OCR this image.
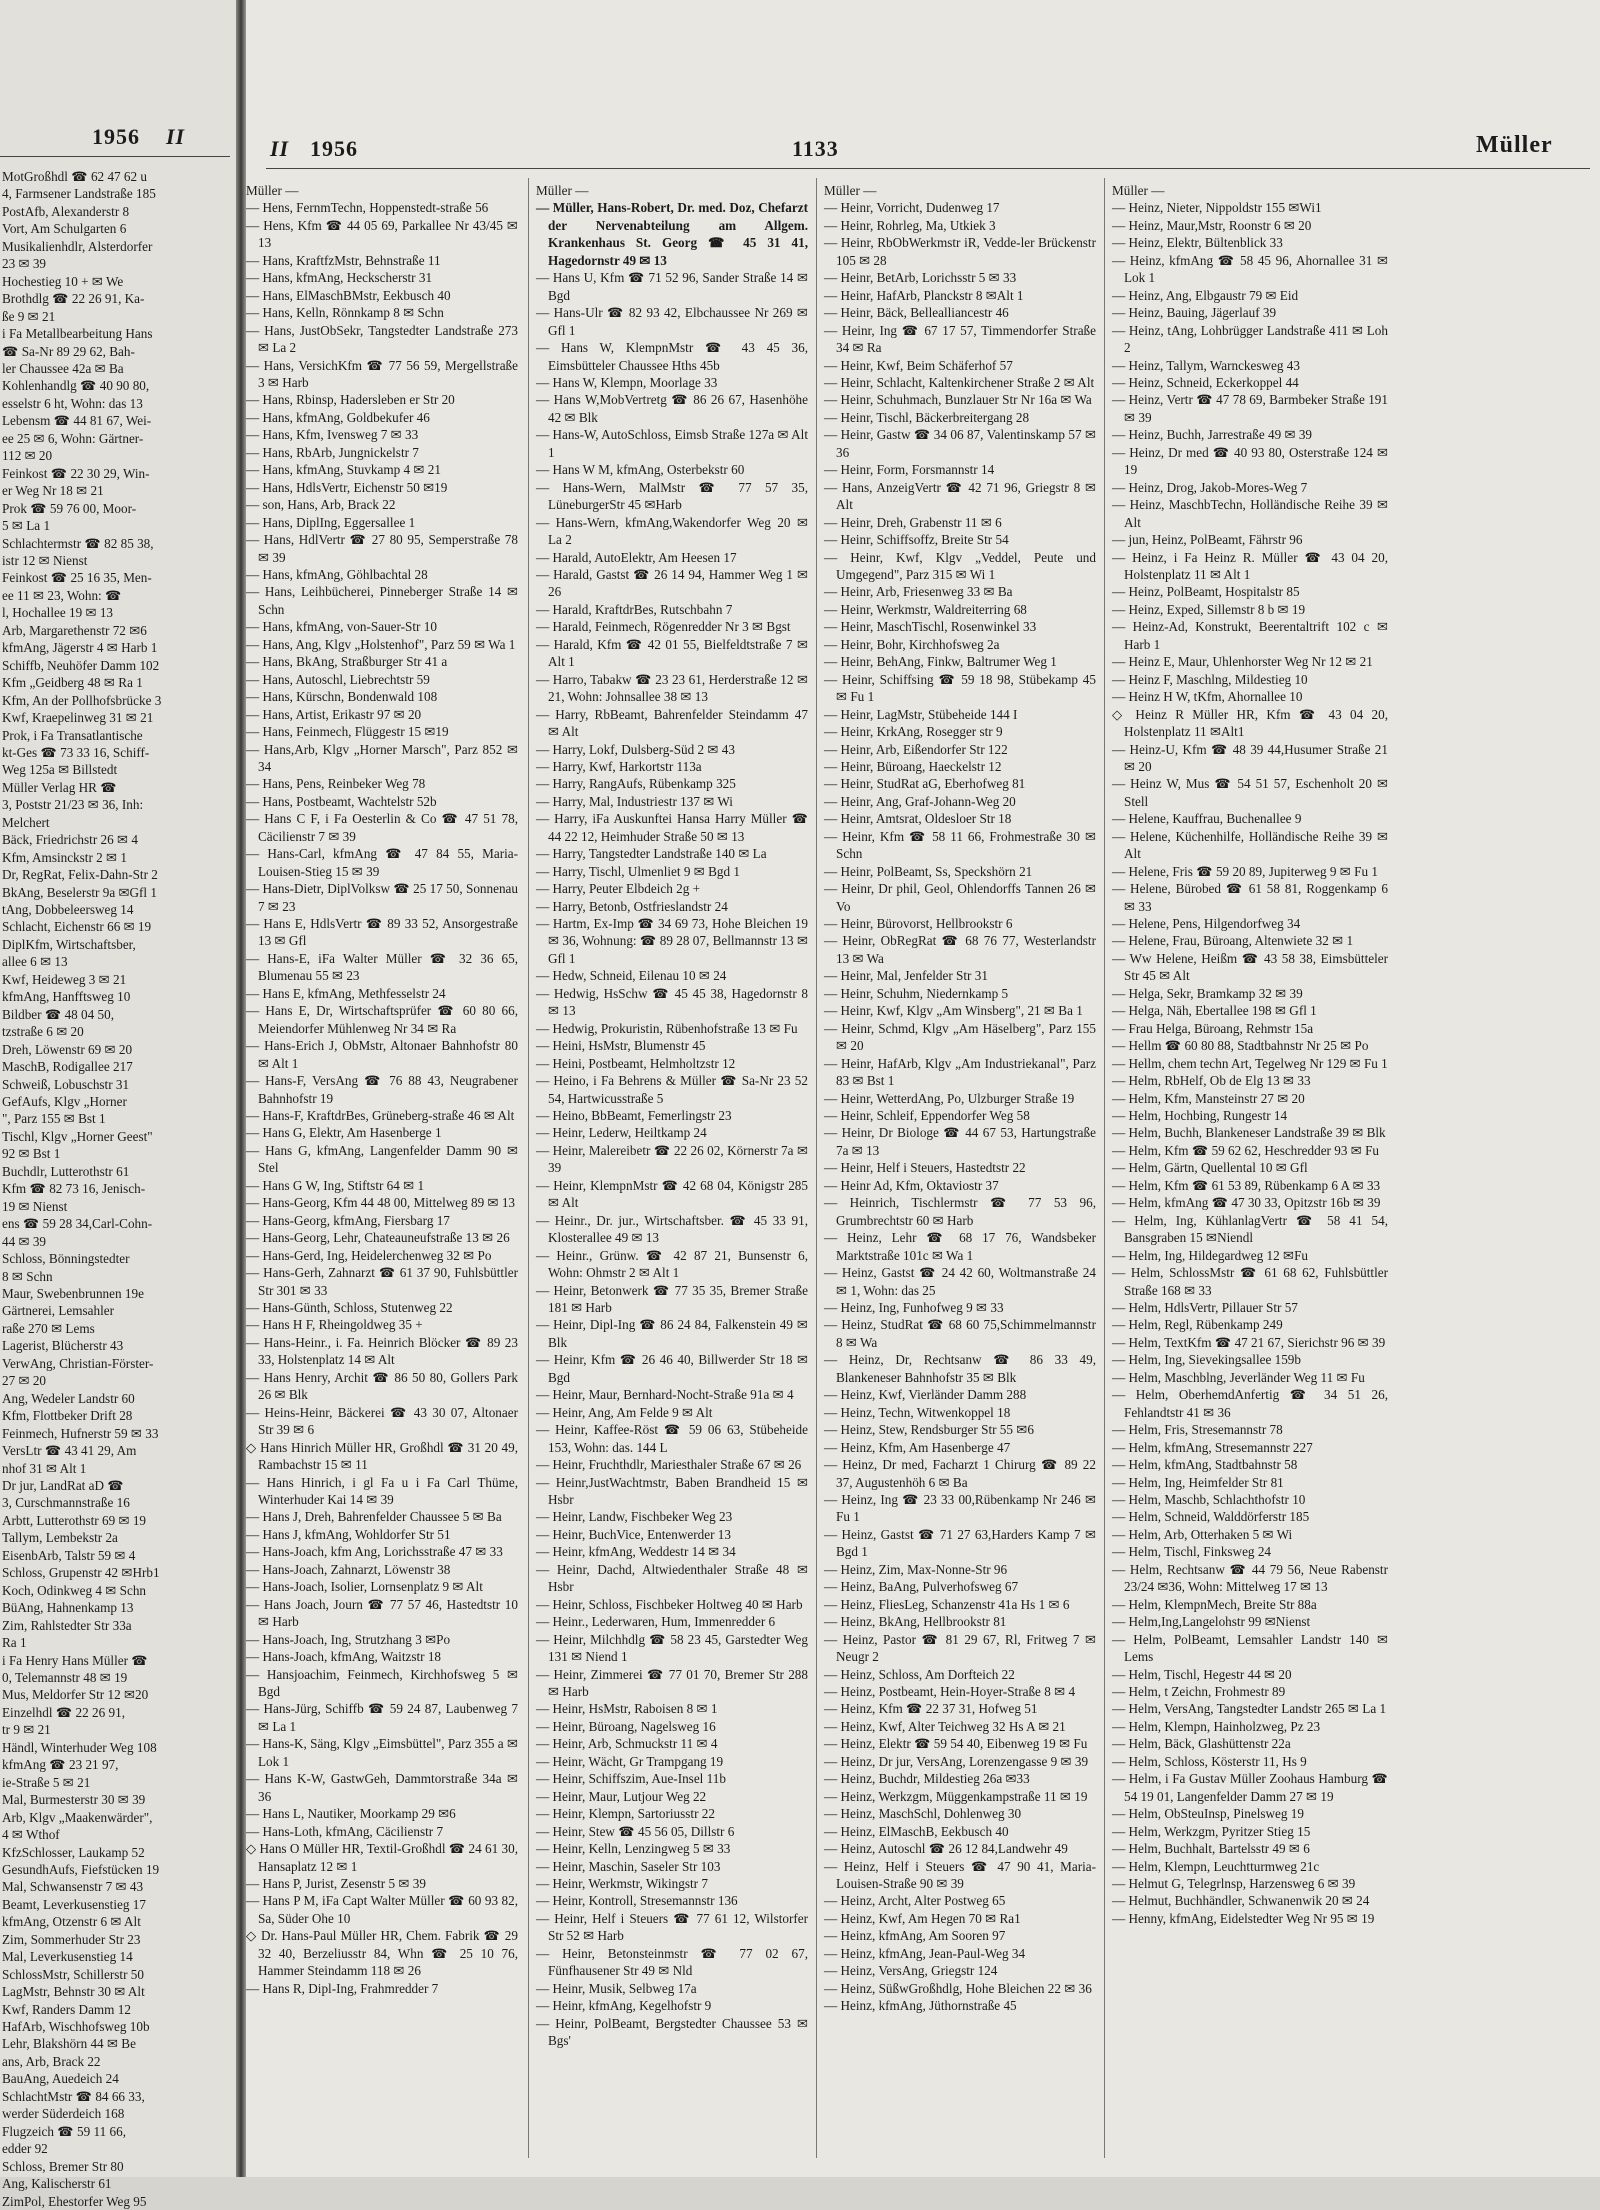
1956 II
MotGroßhdl ☎ 62 47 62 u
4, Farmsener Landstraße 185
PostAfb, Alexanderstr 8
Vort, Am Schulgarten 6
Musikalienhdlr, Alsterdorfer
23 ✉ 39
Hochestieg 10 + ✉ We
Brothdlg ☎ 22 26 91, Ka-
ße 9 ✉ 21
i Fa Metallbearbeitung Hans
☎ Sa-Nr 89 29 62, Bah-
ler Chaussee 42a ✉ Ba
Kohlenhandlg ☎ 40 90 80,
esselstr 6 ht, Wohn: das 13
Lebensm ☎ 44 81 67, Wei-
ee 25 ✉ 6, Wohn: Gärtner-
112 ✉ 20
Feinkost ☎ 22 30 29, Win-
er Weg Nr 18 ✉ 21
Prok ☎ 59 76 00, Moor-
5 ✉ La 1
Schlachtermstr ☎ 82 85 38,
istr 12 ✉ Nienst
Feinkost ☎ 25 16 35, Men-
ee 11 ✉ 23, Wohn: ☎
l, Hochallee 19 ✉ 13
Arb, Margarethenstr 72 ✉6
kfmAng, Jägerstr 4 ✉ Harb 1
Schiffb, Neuhöfer Damm 102
Kfm „Geidberg 48 ✉ Ra 1
Kfm, An der Pollhofsbrücke 3
Kwf, Kraepelinweg 31 ✉ 21
Prok, i Fa Transatlantische
kt-Ges ☎ 73 33 16, Schiff-
Weg 125a ✉ Billstedt
Müller Verlag HR ☎
3, Poststr 21/23 ✉ 36, Inh:
Melchert
Bäck, Friedrichstr 26 ✉ 4
Kfm, Amsinckstr 2 ✉ 1
Dr, RegRat, Felix-Dahn-Str 2
BkAng, Beselerstr 9a ✉Gfl 1
tAng, Dobbeleersweg 14
Schlacht, Eichenstr 66 ✉ 19
DiplKfm, Wirtschaftsber,
allee 6 ✉ 13
Kwf, Heideweg 3 ✉ 21
kfmAng, Hanfftsweg 10
Bildber ☎ 48 04 50,
tzstraße 6 ✉ 20
Dreh, Löwenstr 69 ✉ 20
MaschB, Rodigallee 217
Schweiß, Lobuschstr 31
GefAufs, Klgv „Horner
", Parz 155 ✉ Bst 1
Tischl, Klgv „Horner Geest"
92 ✉ Bst 1
Buchdlr, Lutterothstr 61
Kfm ☎ 82 73 16, Jenisch-
19 ✉ Nienst
ens ☎ 59 28 34,Carl-Cohn-
44 ✉ 39
Schloss, Bönningstedter
8 ✉ Schn
Maur, Swebenbrunnen 19e
Gärtnerei, Lemsahler
raße 270 ✉ Lems
Lagerist, Blücherstr 43
VerwAng, Christian-Förster-
27 ✉ 20
Ang, Wedeler Landstr 60
Kfm, Flottbeker Drift 28
Feinmech, Hufnerstr 59 ✉ 33
VersLtr ☎ 43 41 29, Am
nhof 31 ✉ Alt 1
Dr jur, LandRat aD ☎
3, Curschmannstraße 16
Arbtt, Lutterothstr 69 ✉ 19
Tallym, Lembekstr 2a
EisenbArb, Talstr 59 ✉ 4
Schloss, Grupenstr 42 ✉Hrb1
Koch, Odinkweg 4 ✉ Schn
BüAng, Hahnenkamp 13
Zim, Rahlstedter Str 33a
Ra 1
i Fa Henry Hans Müller ☎
0, Telemannstr 48 ✉ 19
Mus, Meldorfer Str 12 ✉20
Einzelhdl ☎ 22 26 91,
tr 9 ✉ 21
Händl, Winterhuder Weg 108
kfmAng ☎ 23 21 97,
ie-Straße 5 ✉ 21
Mal, Burmesterstr 30 ✉ 39
Arb, Klgv „Maakenwärder",
4 ✉ Wthof
KfzSchlosser, Laukamp 52
GesundhAufs, Fiefstücken 19
Mal, Schwansenstr 7 ✉ 43
Beamt, Leverkusenstieg 17
kfmAng, Otzenstr 6 ✉ Alt
Zim, Sommerhuder Str 23
Mal, Leverkusenstieg 14
SchlossMstr, Schillerstr 50
LagMstr, Behnstr 30 ✉ Alt
Kwf, Randers Damm 12
HafArb, Wischhofsweg 10b
Lehr, Blakshörn 44 ✉ Be
ans, Arb, Brack 22
BauAng, Auedeich 24
SchlachtMstr ☎ 84 66 33,
werder Süderdeich 168
Flugzeich ☎ 59 11 66,
edder 92
Schloss, Bremer Str 80
Ang, Kalischerstr 61
ZimPol, Ehestorfer Weg 95
II 1956	1133	Müller
Müller —
— Hens, FernmTechn, Hoppenstedt-straße 56
— Hens, Kfm ☎ 44 05 69, Parkallee Nr 43/45 ✉ 13
— Hans, KraftfzMstr, Behnstraße 11
— Hans, kfmAng, Heckscherstr 31
— Hans, ElMaschBMstr, Eekbusch 40
— Hans, Kelln, Rönnkamp 8 ✉ Schn
— Hans, JustObSekr, Tangstedter Landstraße 273 ✉ La 2
— Hans, VersichKfm ☎ 77 56 59, Mergellstraße 3 ✉ Harb
— Hans, Rbinsp, Hadersleben er Str 20
— Hans, kfmAng, Goldbekufer 46
— Hans, Kfm, Ivensweg 7 ✉ 33
— Hans, RbArb, Jungnickelstr 7
— Hans, kfmAng, Stuvkamp 4 ✉ 21
— Hans, HdlsVertr, Eichenstr 50 ✉19
— son, Hans, Arb, Brack 22
— Hans, DiplIng, Eggersallee 1
— Hans, HdlVertr ☎ 27 80 95, Semperstraße 78 ✉ 39
— Hans, kfmAng, Göhlbachtal 28
— Hans, Leihbücherei, Pinneberger Straße 14 ✉ Schn
— Hans, kfmAng, von-Sauer-Str 10
— Hans, Ang, Klgv „Holstenhof", Parz 59 ✉ Wa 1
— Hans, BkAng, Straßburger Str 41 a
— Hans, Autoschl, Liebrechtstr 59
— Hans, Kürschn, Bondenwald 108
— Hans, Artist, Erikastr 97 ✉ 20
— Hans, Feinmech, Flüggestr 15 ✉19
— Hans,Arb, Klgv „Horner Marsch", Parz 852 ✉ 34
— Hans, Pens, Reinbeker Weg 78
— Hans, Postbeamt, Wachtelstr 52b
— Hans C F, i Fa Oesterlin & Co ☎ 47 51 78, Cäcilienstr 7 ✉ 39
— Hans-Carl, kfmAng ☎ 47 84 55, Maria-Louisen-Stieg 15 ✉ 39
— Hans-Dietr, DiplVolksw ☎ 25 17 50, Sonnenau 7 ✉ 23
— Hans E, HdlsVertr ☎ 89 33 52, Ansorgestraße 13 ✉ Gfl
— Hans-E, iFa Walter Müller ☎ 32 36 65, Blumenau 55 ✉ 23
— Hans E, kfmAng, Methfesselstr 24
— Hans E, Dr, Wirtschaftsprüfer ☎ 60 80 66, Meiendorfer Mühlenweg Nr 34 ✉ Ra
— Hans-Erich J, ObMstr, Altonaer Bahnhofstr 80 ✉ Alt 1
— Hans-F, VersAng ☎ 76 88 43, Neugrabener Bahnhofstr 19
— Hans-F, KraftdrBes, Grüneberg-straße 46 ✉ Alt
— Hans G, Elektr, Am Hasenberge 1
— Hans G, kfmAng, Langenfelder Damm 90 ✉ Stel
— Hans G W, Ing, Stiftstr 64 ✉ 1
— Hans-Georg, Kfm 44 48 00, Mittelweg 89 ✉ 13
— Hans-Georg, kfmAng, Fiersbarg 17
— Hans-Georg, Lehr, Chateauneufstraße 13 ✉ 26
— Hans-Gerd, Ing, Heidelerchenweg 32 ✉ Po
— Hans-Gerh, Zahnarzt ☎ 61 37 90, Fuhlsbüttler Str 301 ✉ 33
— Hans-Günth, Schloss, Stutenweg 22
— Hans H F, Rheingoldweg 35 +
— Hans-Heinr., i. Fa. Heinrich Blöcker ☎ 89 23 33, Holstenplatz 14 ✉ Alt
— Hans Henry, Archit ☎ 86 50 80, Gollers Park 26 ✉ Blk
— Heins-Heinr, Bäckerei ☎ 43 30 07, Altonaer Str 39 ✉ 6
◇ Hans Hinrich Müller HR, Großhdl ☎ 31 20 49, Rambachstr 15 ✉ 11
— Hans Hinrich, i gl Fa u i Fa Carl Thüme, Winterhuder Kai 14 ✉ 39
— Hans J, Dreh, Bahrenfelder Chaussee 5 ✉ Ba
— Hans J, kfmAng, Wohldorfer Str 51
— Hans-Joach, kfm Ang, Lorichsstraße 47 ✉ 33
— Hans-Joach, Zahnarzt, Löwenstr 38
— Hans-Joach, Isolier, Lornsenplatz 9 ✉ Alt
— Hans Joach, Journ ☎ 77 57 46, Hastedtstr 10 ✉ Harb
— Hans-Joach, Ing, Strutzhang 3 ✉Po
— Hans-Joach, kfmAng, Waitzstr 18
— Hansjoachim, Feinmech, Kirchhofsweg 5 ✉ Bgd
— Hans-Jürg, Schiffb ☎ 59 24 87, Laubenweg 7 ✉ La 1
— Hans-K, Säng, Klgv „Eimsbüttel", Parz 355 a ✉ Lok 1
— Hans K-W, GastwGeh, Dammtorstraße 34a ✉ 36
— Hans L, Nautiker, Moorkamp 29 ✉6
— Hans-Loth, kfmAng, Cäcilienstr 7
◇ Hans O Müller HR, Textil-Großhdl ☎ 24 61 30, Hansaplatz 12 ✉ 1
— Hans P, Jurist, Zesenstr 5 ✉ 39
— Hans P M, iFa Capt Walter Müller ☎ 60 93 82, Sa, Süder Ohe 10
◇ Dr. Hans-Paul Müller HR, Chem. Fabrik ☎ 29 32 40, Berzeliusstr 84, Whn ☎ 25 10 76, Hammer Steindamm 118 ✉ 26
— Hans R, Dipl-Ing, Frahmredder 7
Müller —
— Müller, Hans-Robert, Dr. med. Doz, Chefarzt der Nervenabteilung am Allgem. Krankenhaus St. Georg ☎ 45 31 41, Hagedornstr 49 ✉ 13
— Hans U, Kfm ☎ 71 52 96, Sander Straße 14 ✉ Bgd
— Hans-Ulr ☎ 82 93 42, Elbchaussee Nr 269 ✉ Gfl 1
— Hans W, KlempnMstr ☎ 43 45 36, Eimsbütteler Chaussee Hths 45b
— Hans W, Klempn, Moorlage 33
— Hans W,MobVertretg ☎ 86 26 67, Hasenhöhe 42 ✉ Blk
— Hans-W, AutoSchloss, Eimsb Straße 127a ✉ Alt 1
— Hans W M, kfmAng, Osterbekstr 60
— Hans-Wern, MalMstr ☎ 77 57 35, LüneburgerStr 45 ✉Harb
— Hans-Wern, kfmAng,Wakendorfer Weg 20 ✉ La 2
— Harald, AutoElektr, Am Heesen 17
— Harald, Gastst ☎ 26 14 94, Hammer Weg 1 ✉ 26
— Harald, KraftdrBes, Rutschbahn 7
— Harald, Feinmech, Rögenredder Nr 3 ✉ Bgst
— Harald, Kfm ☎ 42 01 55, Bielfeldtstraße 7 ✉ Alt 1
— Harro, Tabakw ☎ 23 23 61, Herderstraße 12 ✉ 21, Wohn: Johnsallee 38 ✉ 13
— Harry, RbBeamt, Bahrenfelder Steindamm 47 ✉ Alt
— Harry, Lokf, Dulsberg-Süd 2 ✉ 43
— Harry, Kwf, Harkortstr 113a
— Harry, RangAufs, Rübenkamp 325
— Harry, Mal, Industriestr 137 ✉ Wi
— Harry, iFa Auskunftei Hansa Harry Müller ☎ 44 22 12, Heimhuder Straße 50 ✉ 13
— Harry, Tangstedter Landstraße 140 ✉ La
— Harry, Tischl, Ulmenliet 9 ✉ Bgd 1
— Harry, Peuter Elbdeich 2g +
— Harry, Betonb, Ostfrieslandstr 24
— Hartm, Ex-Imp ☎ 34 69 73, Hohe Bleichen 19 ✉ 36, Wohnung: ☎ 89 28 07, Bellmannstr 13 ✉ Gfl 1
— Hedw, Schneid, Eilenau 10 ✉ 24
— Hedwig, HsSchw ☎ 45 45 38, Hagedornstr 8 ✉ 13
— Hedwig, Prokuristin, Rübenhofstraße 13 ✉ Fu
— Heini, HsMstr, Blumenstr 45
— Heini, Postbeamt, Helmholtzstr 12
— Heino, i Fa Behrens & Müller ☎ Sa-Nr 23 52 54, Hartwicusstraße 5
— Heino, BbBeamt, Femerlingstr 23
— Heinr, Lederw, Heiltkamp 24
— Heinr, Malereibetr ☎ 22 26 02, Körnerstr 7a ✉ 39
— Heinr, KlempnMstr ☎ 42 68 04, Königstr 285 ✉ Alt
— Heinr., Dr. jur., Wirtschaftsber. ☎ 45 33 91, Klosterallee 49 ✉ 13
— Heinr., Grünw. ☎ 42 87 21, Bunsenstr 6, Wohn: Ohmstr 2 ✉ Alt 1
— Heinr, Betonwerk ☎ 77 35 35, Bremer Straße 181 ✉ Harb
— Heinr, Dipl-Ing ☎ 86 24 84, Falkenstein 49 ✉ Blk
— Heinr, Kfm ☎ 26 46 40, Billwerder Str 18 ✉ Bgd
— Heinr, Maur, Bernhard-Nocht-Straße 91a ✉ 4
— Heinr, Ang, Am Felde 9 ✉ Alt
— Heinr, Kaffee-Röst ☎ 59 06 63, Stübeheide 153, Wohn: das. 144 L
— Heinr, Fruchthdlr, Mariesthaler Straße 67 ✉ 26
— Heinr,JustWachtmstr, Baben Brandheid 15 ✉ Hsbr
— Heinr, Landw, Fischbeker Weg 23
— Heinr, BuchVice, Entenwerder 13
— Heinr, kfmAng, Weddestr 14 ✉ 34
— Heinr, Dachd, Altwiedenthaler Straße 48 ✉ Hsbr
— Heinr, Schloss, Fischbeker Holtweg 40 ✉ Harb
— Heinr., Lederwaren, Hum, Immenredder 6
— Heinr, Milchhdlg ☎ 58 23 45, Garstedter Weg 131 ✉ Niend 1
— Heinr, Zimmerei ☎ 77 01 70, Bremer Str 288 ✉ Harb
— Heinr, HsMstr, Raboisen 8 ✉ 1
— Heinr, Büroang, Nagelsweg 16
— Heinr, Arb, Schmuckstr 11 ✉ 4
— Heinr, Wächt, Gr Trampgang 19
— Heinr, Schiffszim, Aue-Insel 11b
— Heinr, Maur, Lutjour Weg 22
— Heinr, Klempn, Sartoriusstr 22
— Heinr, Stew ☎ 45 56 05, Dillstr 6
— Heinr, Kelln, Lenzingweg 5 ✉ 33
— Heinr, Maschin, Saseler Str 103
— Heinr, Werkmstr, Wikingstr 7
— Heinr, Kontroll, Stresemannstr 136
— Heinr, Helf i Steuers ☎ 77 61 12, Wilstorfer Str 52 ✉ Harb
— Heinr, Betonsteinmstr ☎ 77 02 67, Fünfhausener Str 49 ✉ Nld
— Heinr, Musik, Selbweg 17a
— Heinr, kfmAng, Kegelhofstr 9
— Heinr, PolBeamt, Bergstedter Chaussee 53 ✉ Bgs'
Müller —
— Heinr, Vorricht, Dudenweg 17
— Heinr, Rohrleg, Ma, Utkiek 3
— Heinr, RbObWerkmstr iR, Vedde-ler Brückenstr 105 ✉ 28
— Heinr, BetArb, Lorichsstr 5 ✉ 33
— Heinr, HafArb, Planckstr 8 ✉Alt 1
— Heinr, Bäck, Bellealliancestr 46
— Heinr, Ing ☎ 67 17 57, Timmendorfer Straße 34 ✉ Ra
— Heinr, Kwf, Beim Schäferhof 57
— Heinr, Schlacht, Kaltenkirchener Straße 2 ✉ Alt
— Heinr, Schuhmach, Bunzlauer Str Nr 16a ✉ Wa
— Heinr, Tischl, Bäckerbreitergang 28
— Heinr, Gastw ☎ 34 06 87, Valentinskamp 57 ✉ 36
— Heinr, Form, Forsmannstr 14
— Hans, AnzeigVertr ☎ 42 71 96, Griegstr 8 ✉ Alt
— Heinr, Dreh, Grabenstr 11 ✉ 6
— Heinr, Schiffsoffz, Breite Str 54
— Heinr, Kwf, Klgv „Veddel, Peute und Umgegend", Parz 315 ✉ Wi 1
— Heinr, Arb, Friesenweg 33 ✉ Ba
— Heinr, Werkmstr, Waldreiterring 68
— Heinr, MaschTischl, Rosenwinkel 33
— Heinr, Bohr, Kirchhofsweg 2a
— Heinr, BehAng, Finkw, Baltrumer Weg 1
— Heinr, Schiffsing ☎ 59 18 98, Stübekamp 45 ✉ Fu 1
— Heinr, LagMstr, Stübeheide 144 I
— Heinr, KrkAng, Rosegger str 9
— Heinr, Arb, Eißendorfer Str 122
— Heinr, Büroang, Haeckelstr 12
— Heinr, StudRat aG, Eberhofweg 81
— Heinr, Ang, Graf-Johann-Weg 20
— Heinr, Amtsrat, Oldesloer Str 18
— Heinr, Kfm ☎ 58 11 66, Frohmestraße 30 ✉ Schn
— Heinr, PolBeamt, Ss, Speckshörn 21
— Heinr, Dr phil, Geol, Ohlendorffs Tannen 26 ✉ Vo
— Heinr, Bürovorst, Hellbrookstr 6
— Heinr, ObRegRat ☎ 68 76 77, Westerlandstr 13 ✉ Wa
— Heinr, Mal, Jenfelder Str 31
— Heinr, Schuhm, Niedernkamp 5
— Heinr, Kwf, Klgv „Am Winsberg", 21 ✉ Ba 1
— Heinr, Schmd, Klgv „Am Häselberg", Parz 155 ✉ 20
— Heinr, HafArb, Klgv „Am Industriekanal", Parz 83 ✉ Bst 1
— Heinr, WetterdAng, Po, Ulzburger Straße 19
— Heinr, Schleif, Eppendorfer Weg 58
— Heinr, Dr Biologe ☎ 44 67 53, Hartungstraße 7a ✉ 13
— Heinr, Helf i Steuers, Hastedtstr 22
— Heinr Ad, Kfm, Oktaviostr 37
— Heinrich, Tischlermstr ☎ 77 53 96, Grumbrechtstr 60 ✉ Harb
— Heinz, Lehr ☎ 68 17 76, Wandsbeker Marktstraße 101c ✉ Wa 1
— Heinz, Gastst ☎ 24 42 60, Woltmanstraße 24 ✉ 1, Wohn: das 25
— Heinz, Ing, Funhofweg 9 ✉ 33
— Heinz, StudRat ☎ 68 60 75,Schimmelmannstr 8 ✉ Wa
— Heinz, Dr, Rechtsanw ☎ 86 33 49, Blankeneser Bahnhofstr 35 ✉ Blk
— Heinz, Kwf, Vierländer Damm 288
— Heinz, Techn, Witwenkoppel 18
— Heinz, Stew, Rendsburger Str 55 ✉6
— Heinz, Kfm, Am Hasenberge 47
— Heinz, Dr med, Facharzt 1 Chirurg ☎ 89 22 37, Augustenhöh 6 ✉ Ba
— Heinz, Ing ☎ 23 33 00,Rübenkamp Nr 246 ✉ Fu 1
— Heinz, Gastst ☎ 71 27 63,Harders Kamp 7 ✉ Bgd 1
— Heinz, Zim, Max-Nonne-Str 96
— Heinz, BaAng, Pulverhofsweg 67
— Heinz, FliesLeg, Schanzenstr 41a Hs 1 ✉ 6
— Heinz, BkAng, Hellbrookstr 81
— Heinz, Pastor ☎ 81 29 67, Rl, Fritweg 7 ✉ Neugr 2
— Heinz, Schloss, Am Dorfteich 22
— Heinz, Postbeamt, Hein-Hoyer-Straße 8 ✉ 4
— Heinz, Kfm ☎ 22 37 31, Hofweg 51
— Heinz, Kwf, Alter Teichweg 32 Hs A ✉ 21
— Heinz, Elektr ☎ 59 54 40, Eibenweg 19 ✉ Fu
— Heinz, Dr jur, VersAng, Lorenzengasse 9 ✉ 39
— Heinz, Buchdr, Mildestieg 26a ✉33
— Heinz, Werkzgm, Müggenkampstraße 11 ✉ 19
— Heinz, MaschSchl, Dohlenweg 30
— Heinz, ElMaschB, Eekbusch 40
— Heinz, Autoschl ☎ 26 12 84,Landwehr 49
— Heinz, Helf i Steuers ☎ 47 90 41, Maria-Louisen-Straße 90 ✉ 39
— Heinz, Archt, Alter Postweg 65
— Heinz, Kwf, Am Hegen 70 ✉ Ra1
— Heinz, kfmAng, Am Sooren 97
— Heinz, kfmAng, Jean-Paul-Weg 34
— Heinz, VersAng, Griegstr 124
— Heinz, SüßwGroßhdlg, Hohe Bleichen 22 ✉ 36
— Heinz, kfmAng, Jüthornstraße 45
Müller —
— Heinz, Nieter, Nippoldstr 155 ✉Wi1
— Heinz, Maur,Mstr, Roonstr 6 ✉ 20
— Heinz, Elektr, Bültenblick 33
— Heinz, kfmAng ☎ 58 45 96, Ahornallee 31 ✉ Lok 1
— Heinz, Ang, Elbgaustr 79 ✉ Eid
— Heinz, Bauing, Jägerlauf 39
— Heinz, tAng, Lohbrügger Landstraße 411 ✉ Loh 2
— Heinz, Tallym, Warnckesweg 43
— Heinz, Schneid, Eckerkoppel 44
— Heinz, Vertr ☎ 47 78 69, Barmbeker Straße 191 ✉ 39
— Heinz, Buchh, Jarrestraße 49 ✉ 39
— Heinz, Dr med ☎ 40 93 80, Osterstraße 124 ✉ 19
— Heinz, Drog, Jakob-Mores-Weg 7
— Heinz, MaschbTechn, Holländische Reihe 39 ✉ Alt
— jun, Heinz, PolBeamt, Fährstr 96
— Heinz, i Fa Heinz R. Müller ☎ 43 04 20, Holstenplatz 11 ✉ Alt 1
— Heinz, PolBeamt, Hospitalstr 85
— Heinz, Exped, Sillemstr 8 b ✉ 19
— Heinz-Ad, Konstrukt, Beerentaltrift 102 c ✉ Harb 1
— Heinz E, Maur, Uhlenhorster Weg Nr 12 ✉ 21
— Heinz F, Maschlng, Mildestieg 10
— Heinz H W, tKfm, Ahornallee 10
◇ Heinz R Müller HR, Kfm ☎ 43 04 20, Holstenplatz 11 ✉Alt1
— Heinz-U, Kfm ☎ 48 39 44,Husumer Straße 21 ✉ 20
— Heinz W, Mus ☎ 54 51 57, Eschenholt 20 ✉ Stell
— Helene, Kauffrau, Buchenallee 9
— Helene, Küchenhilfe, Holländische Reihe 39 ✉ Alt
— Helene, Fris ☎ 59 20 89, Jupiterweg 9 ✉ Fu 1
— Helene, Bürobed ☎ 61 58 81, Roggenkamp 6 ✉ 33
— Helene, Pens, Hilgendorfweg 34
— Helene, Frau, Büroang, Altenwiete 32 ✉ 1
— Ww Helene, Heißm ☎ 43 58 38, Eimsbütteler Str 45 ✉ Alt
— Helga, Sekr, Bramkamp 32 ✉ 39
— Helga, Näh, Ebertallee 198 ✉ Gfl 1
— Frau Helga, Büroang, Rehmstr 15a
— Hellm ☎ 60 80 88, Stadtbahnstr Nr 25 ✉ Po
— Hellm, chem techn Art, Tegelweg Nr 129 ✉ Fu 1
— Helm, RbHelf, Ob de Elg 13 ✉ 33
— Helm, Kfm, Mansteinstr 27 ✉ 20
— Helm, Hochbing, Rungestr 14
— Helm, Buchh, Blankeneser Landstraße 39 ✉ Blk
— Helm, Kfm ☎ 59 62 62, Heschredder 93 ✉ Fu
— Helm, Gärtn, Quellental 10 ✉ Gfl
— Helm, Kfm ☎ 61 53 89, Rübenkamp 6 A ✉ 33
— Helm, kfmAng ☎ 47 30 33, Opitzstr 16b ✉ 39
— Helm, Ing, KühlanlagVertr ☎ 58 41 54, Bansgraben 15 ✉Niendl
— Helm, Ing, Hildegardweg 12 ✉Fu
— Helm, SchlossMstr ☎ 61 68 62, Fuhlsbüttler Straße 168 ✉ 33
— Helm, HdlsVertr, Pillauer Str 57
— Helm, Regl, Rübenkamp 249
— Helm, TextKfm ☎ 47 21 67, Sierichstr 96 ✉ 39
— Helm, Ing, Sievekingsallee 159b
— Helm, Maschblng, Jeverländer Weg 11 ✉ Fu
— Helm, OberhemdAnfertig ☎ 34 51 26, Fehlandtstr 41 ✉ 36
— Helm, Fris, Stresemannstr 78
— Helm, kfmAng, Stresemannstr 227
— Helm, kfmAng, Stadtbahnstr 58
— Helm, Ing, Heimfelder Str 81
— Helm, Maschb, Schlachthofstr 10
— Helm, Schneid, Walddörferstr 185
— Helm, Arb, Otterhaken 5 ✉ Wi
— Helm, Tischl, Finksweg 24
— Helm, Rechtsanw ☎ 44 79 56, Neue Rabenstr 23/24 ✉36, Wohn: Mittelweg 17 ✉ 13
— Helm, KlempnMech, Breite Str 88a
— Helm,Ing,Langelohstr 99 ✉Nienst
— Helm, PolBeamt, Lemsahler Landstr 140 ✉ Lems
— Helm, Tischl, Hegestr 44 ✉ 20
— Helm, t Zeichn, Frohmestr 89
— Helm, VersAng, Tangstedter Landstr 265 ✉ La 1
— Helm, Klempn, Hainholzweg, Pz 23
— Helm, Bäck, Glashüttenstr 22a
— Helm, Schloss, Kösterstr 11, Hs 9
— Helm, i Fa Gustav Müller Zoohaus Hamburg ☎ 54 19 01, Langenfelder Damm 27 ✉ 19
— Helm, ObSteuInsp, Pinelsweg 19
— Helm, Werkzgm, Pyritzer Stieg 15
— Helm, Buchhalt, Bartelsstr 49 ✉ 6
— Helm, Klempn, Leuchtturmweg 21c
— Helmut G, Telegrlnsp, Harzensweg 6 ✉ 39
— Helmut, Buchhändler, Schwanenwik 20 ✉ 24
— Henny, kfmAng, Eidelstedter Weg Nr 95 ✉ 19
